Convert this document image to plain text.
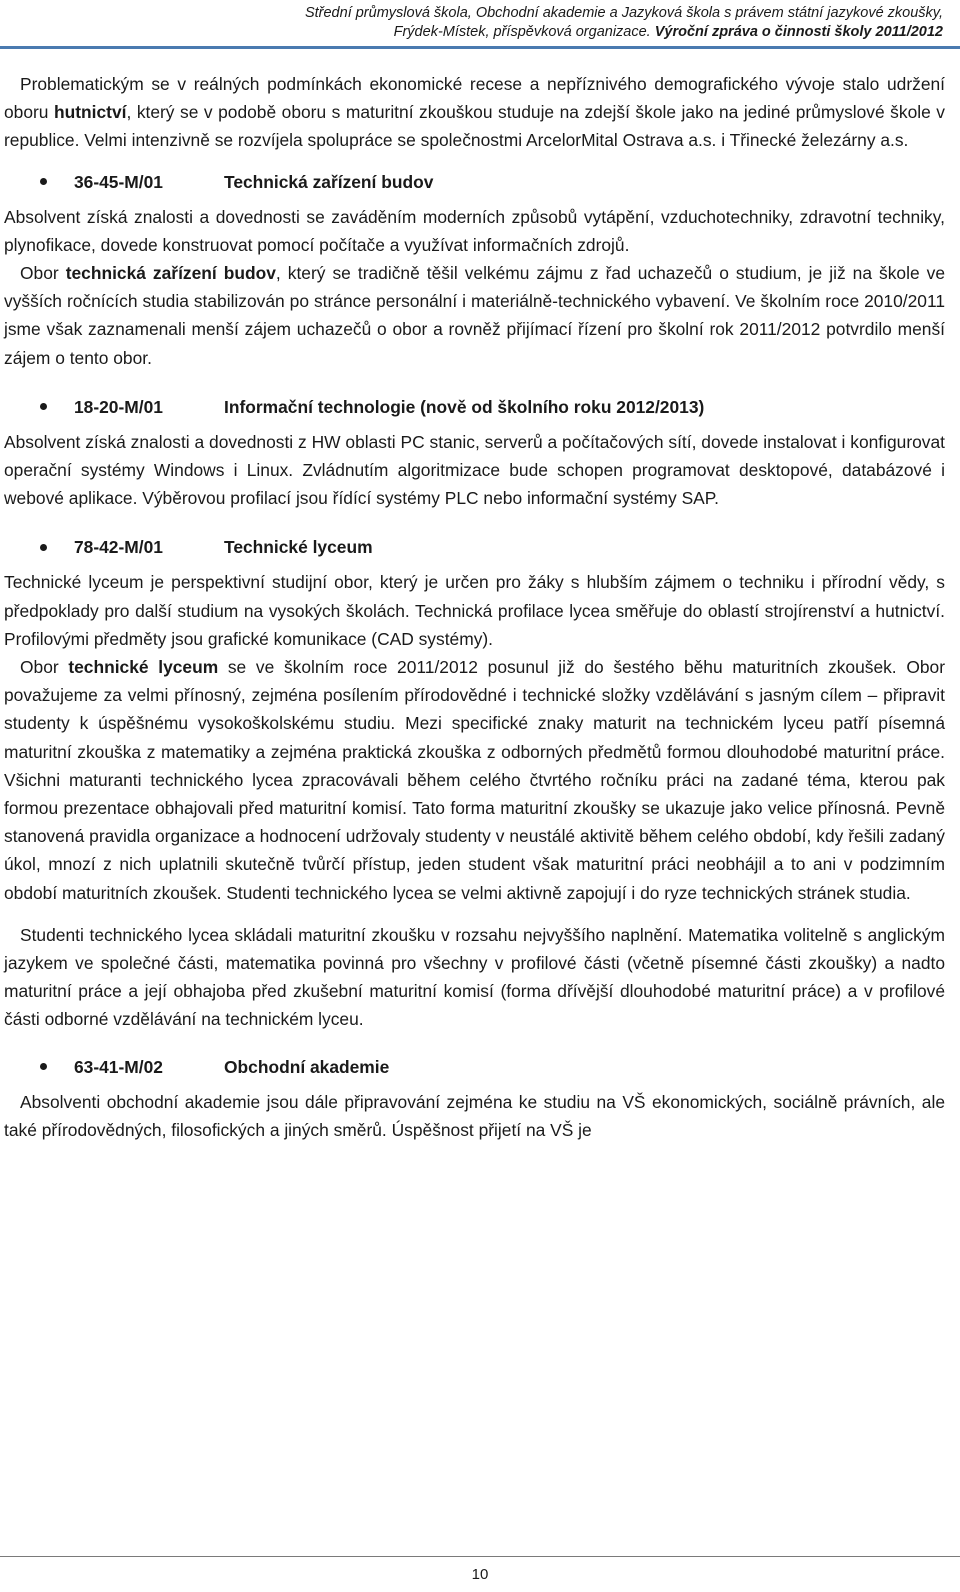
Střední průmyslová škola, Obchodní akademie a Jazyková škola s právem státní jazykové zkoušky,
Frýdek-Místek, příspěvková organizace. Výroční zpráva o činnosti školy 2011/2012

Problematickým se v reálných podmínkách ekonomické recese a nepříznivého demografického vývoje stalo udržení oboru hutnictví, který se v podobě oboru s maturitní zkouškou studuje na zdejší škole jako na jediné průmyslové škole v republice. Velmi intenzivně se rozvíjela spolupráce se společnostmi ArcelorMital Ostrava a.s. i Třinecké železárny a.s.

36-45-M/01	Technická zařízení budov

Absolvent získá znalosti a dovednosti se zaváděním moderních způsobů vytápění, vzduchotechniky, zdravotní techniky, plynofikace, dovede konstruovat pomocí počítače a využívat informačních zdrojů.

Obor technická zařízení budov, který se tradičně těšil velkému zájmu z řad uchazečů o studium, je již na škole ve vyšších ročnících studia stabilizován po stránce personální i materiálně-technického vybavení. Ve školním roce 2010/2011 jsme však zaznamenali menší zájem uchazečů o obor a rovněž přijímací řízení pro školní rok 2011/2012 potvrdilo menší zájem o tento obor.

18-20-M/01	Informační technologie (nově od školního roku 2012/2013)

Absolvent získá znalosti a dovednosti z HW oblasti PC stanic, serverů a počítačových sítí, dovede instalovat i konfigurovat operační systémy Windows i Linux. Zvládnutím algoritmizace bude schopen programovat desktopové, databázové i webové aplikace. Výběrovou profilací jsou řídící systémy PLC nebo informační systémy SAP.

78-42-M/01	Technické lyceum

Technické lyceum je perspektivní studijní obor, který je určen pro žáky s hlubším zájmem o techniku i přírodní vědy, s předpoklady pro další studium na vysokých školách. Technická profilace lycea směřuje do oblastí strojírenství a hutnictví. Profilovými předměty jsou grafické komunikace (CAD systémy).

Obor technické lyceum se ve školním roce 2011/2012 posunul již do šestého běhu maturitních zkoušek. Obor považujeme za velmi přínosný, zejména posílením přírodovědné i technické složky vzdělávání s jasným cílem – připravit studenty k úspěšnému vysokoškolskému studiu. Mezi specifické znaky maturit na technickém lyceu patří písemná maturitní zkouška z matematiky a zejména praktická zkouška z odborných předmětů formou dlouhodobé maturitní práce. Všichni maturanti technického lycea zpracovávali během celého čtvrtého ročníku práci na zadané téma, kterou pak formou prezentace obhajovali před maturitní komisí. Tato forma maturitní zkoušky se ukazuje jako velice přínosná. Pevně stanovená pravidla organizace a hodnocení udržovaly studenty v neustálé aktivitě během celého období, kdy řešili zadaný úkol, mnozí z nich uplatnili skutečně tvůrčí přístup, jeden student však maturitní práci neobhájil a to ani v podzimním období maturitních zkoušek. Studenti technického lycea se velmi aktivně zapojují i do ryze technických stránek studia.

Studenti technického lycea skládali maturitní zkoušku v rozsahu nejvyššího naplnění. Matematika volitelně s anglickým jazykem ve společné části, matematika povinná pro všechny v profilové části (včetně písemné části zkoušky) a nadto maturitní práce a její obhajoba před zkušební maturitní komisí (forma dřívější dlouhodobé maturitní práce) a v profilové části odborné vzdělávání na technickém lyceu.

63-41-M/02	Obchodní akademie

Absolventi obchodní akademie jsou dále připravování zejména ke studiu na VŠ ekonomických, sociálně právních, ale také přírodovědných, filosofických a jiných směrů. Úspěšnost přijetí na VŠ je

10
